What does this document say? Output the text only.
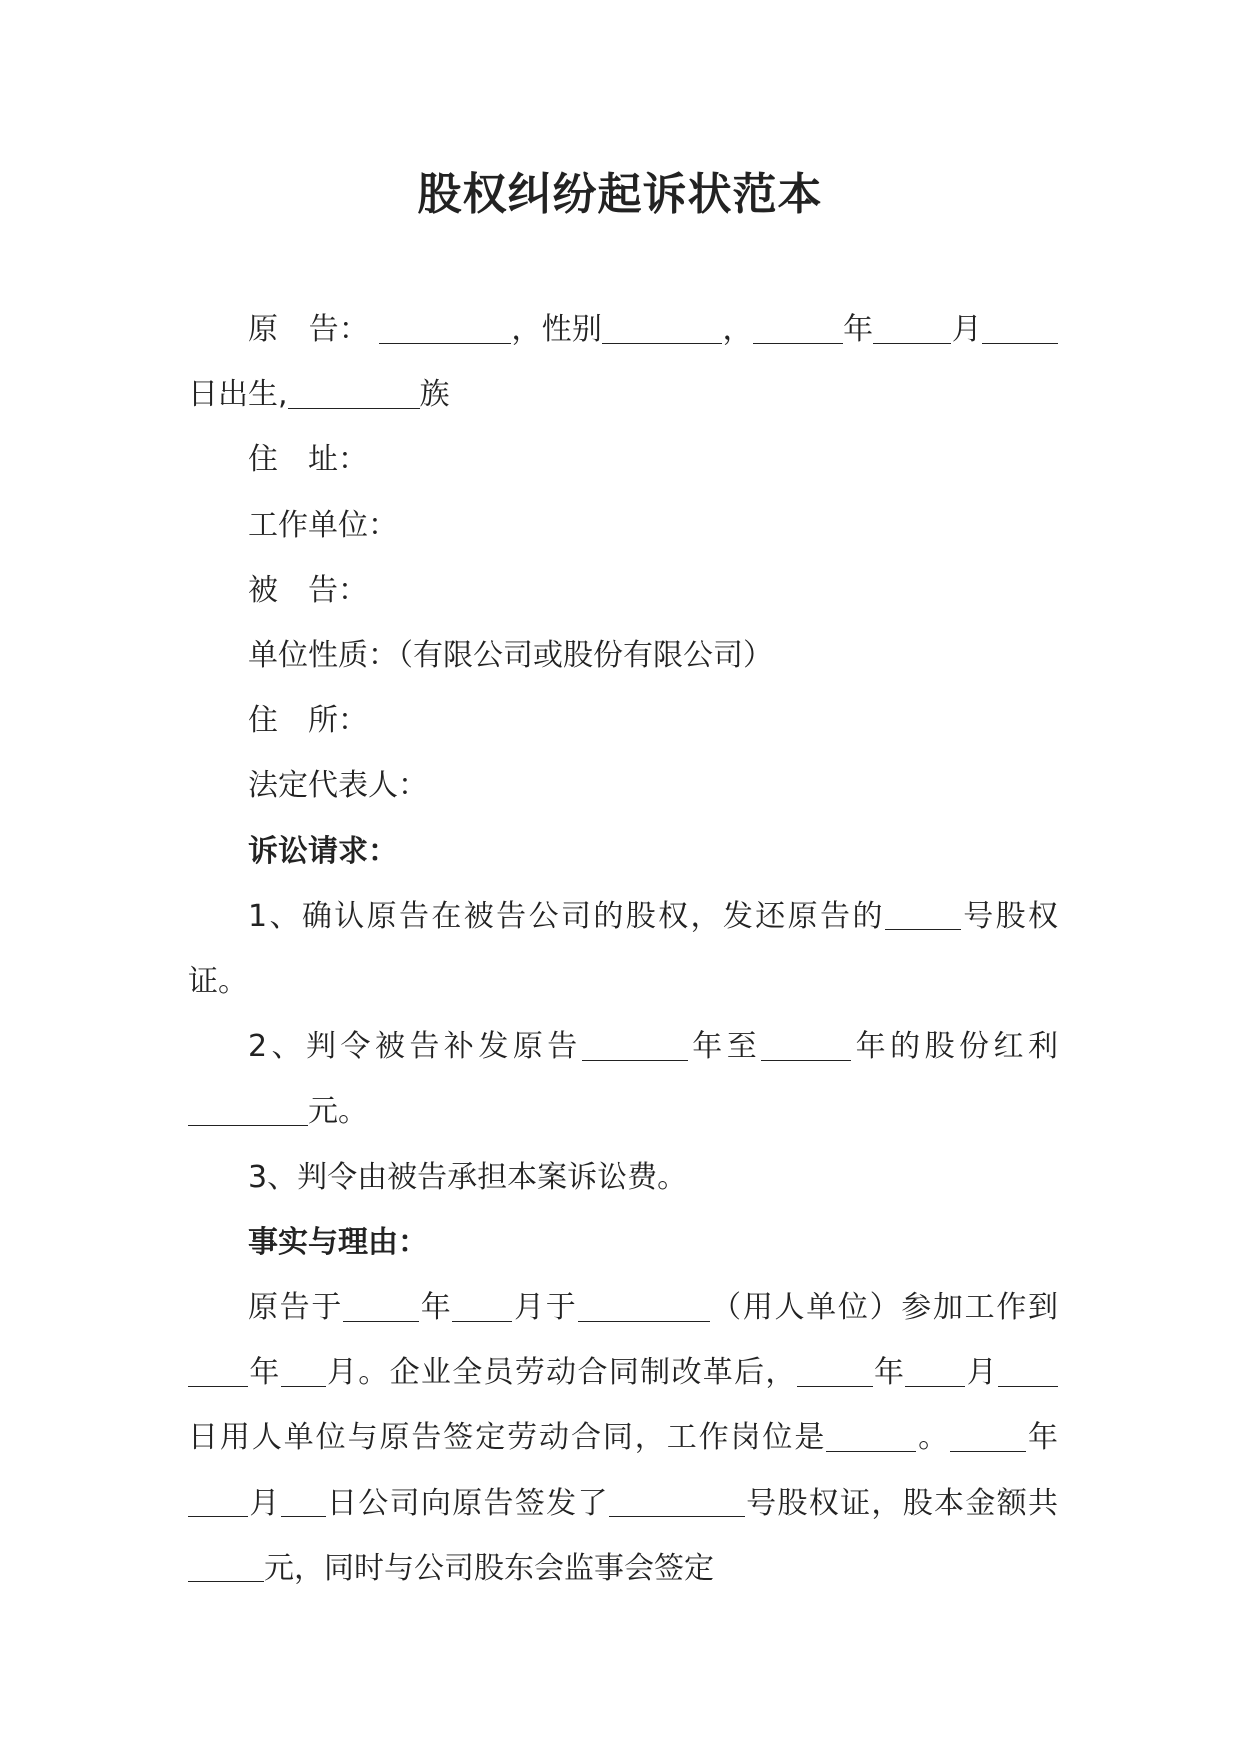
股权纠纷起诉状范本

原　告：	，性别	，	年	月日出生,	族

住　址：

工作单位：

被　告：

单位性质：（有限公司或股份有限公司）

住　所：

法定代表人：

诉讼请求：

1、确认原告在被告公司的股权，发还原告的	号股权证。

2、判令被告补发原告	年至	年的股份红利元。

3、判令由被告承担本案诉讼费。

事实与理由：

原告于	年 月于	（用人单位）参加工作到年 月。企业全员劳动合同制改革后，	年 月日用人单位与原告签定劳动合同，工作岗位是	。	年月 日公司向原告签发了	号股权证，股本金额共元，同时与公司股东会监事会签定
